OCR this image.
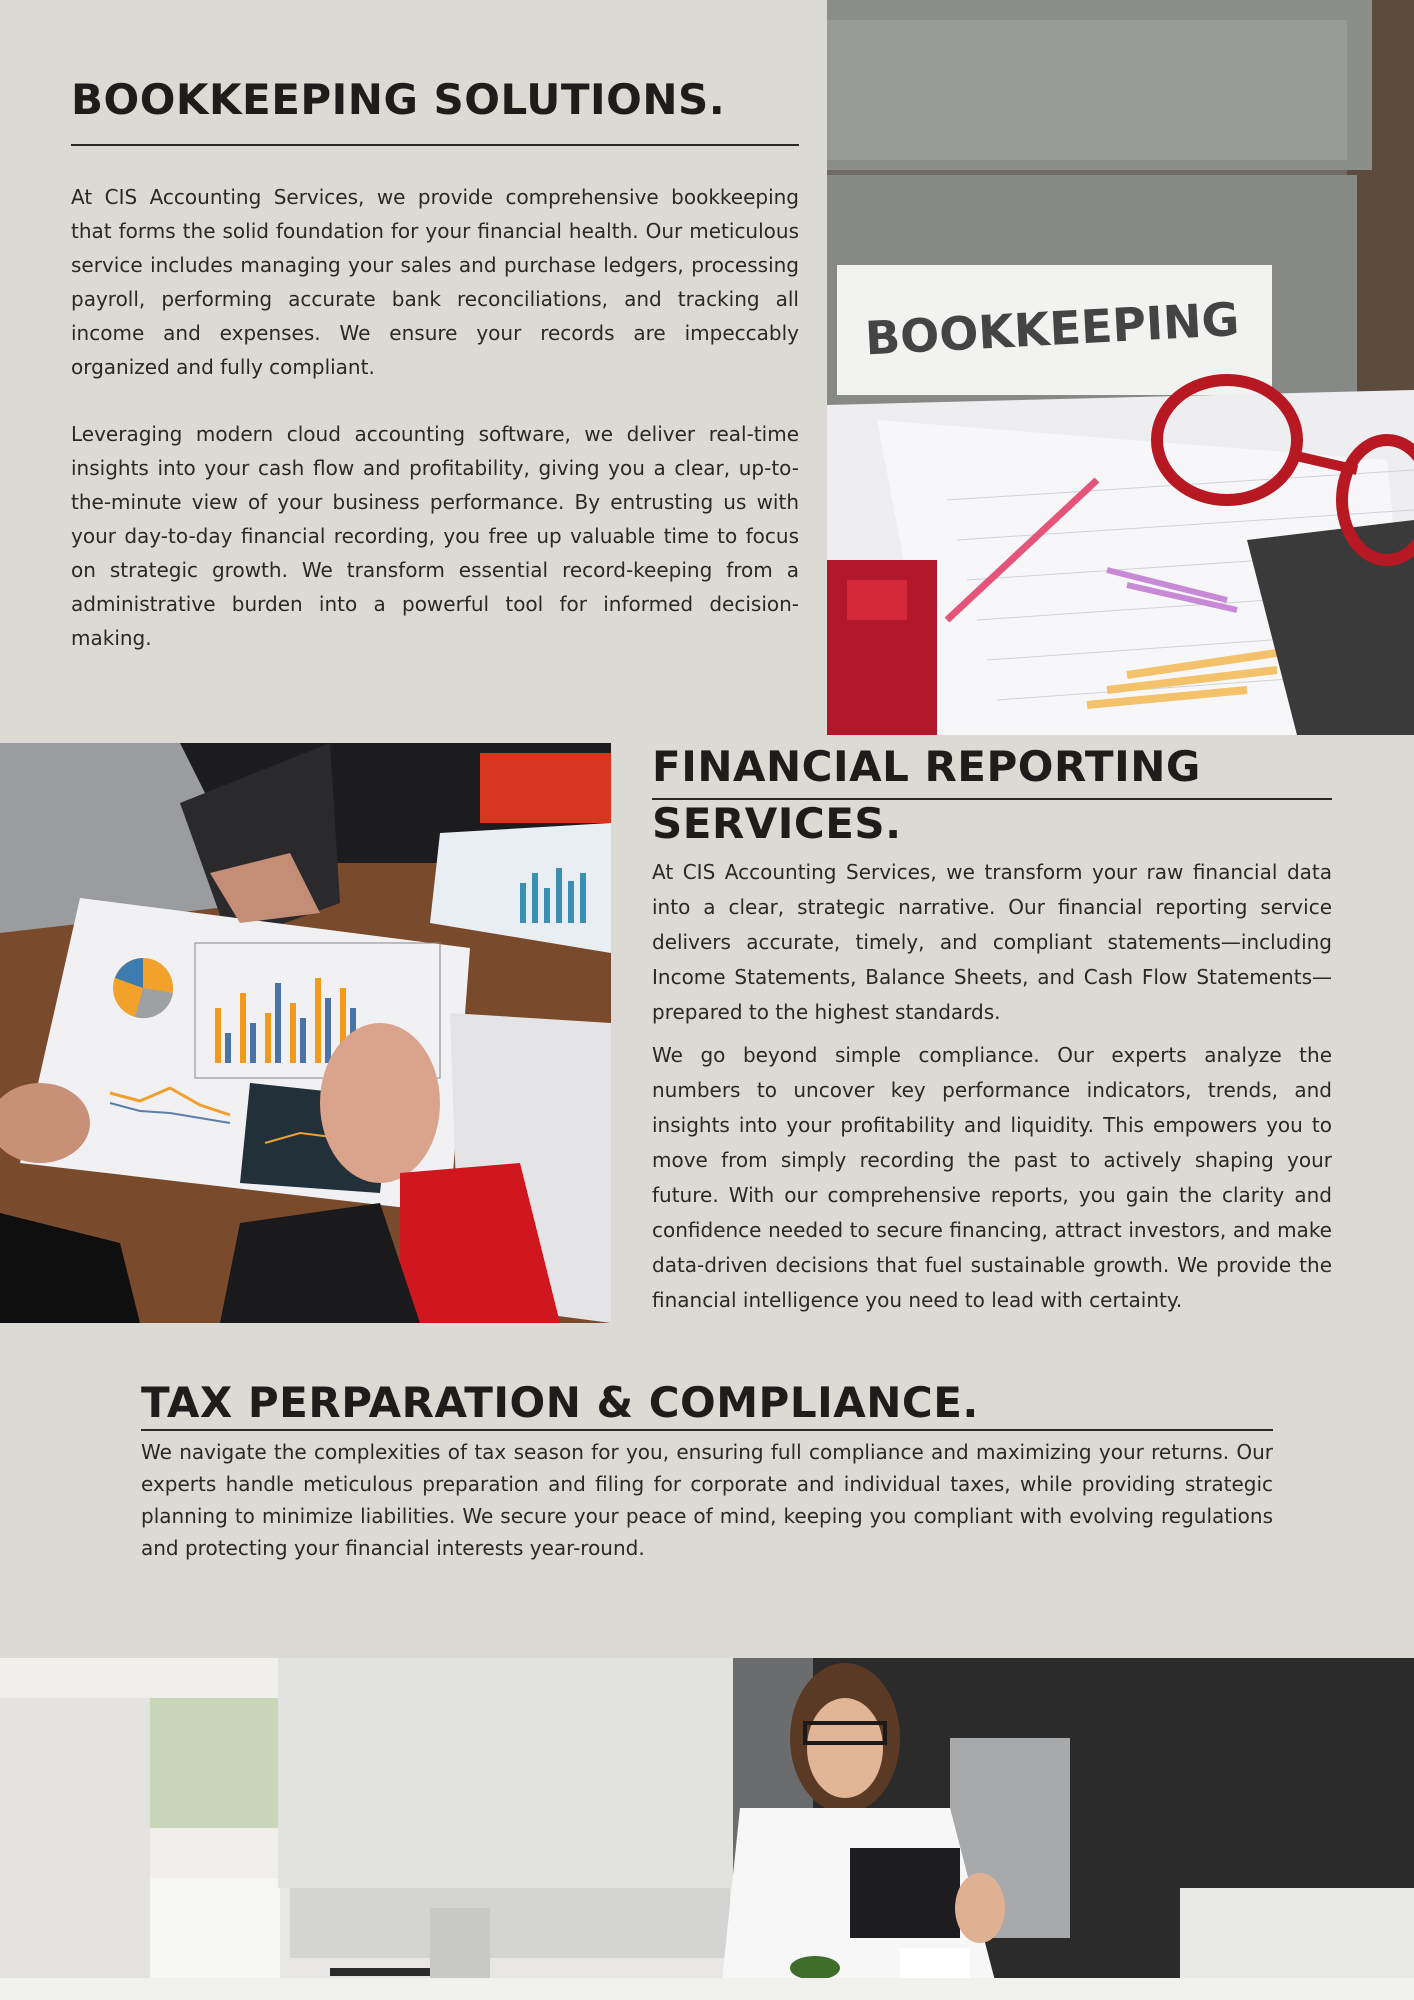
BOOKKEEPING SOLUTIONS.

At CIS Accounting Services, we provide comprehensive bookkeeping that forms the solid foundation for your financial health. Our meticulous service includes managing your sales and purchase ledgers, processing payroll, performing accurate bank reconciliations, and tracking all income and expenses. We ensure your records are impeccably organized and fully compliant.

Leveraging modern cloud accounting software, we deliver real-time insights into your cash flow and profitability, giving you a clear, up-to-the-minute view of your business performance. By entrusting us with your day-to-day financial recording, you free up valuable time to focus on strategic growth. We transform essential record-keeping from a administrative burden into a powerful tool for informed decision-making.

BOOKKEEPING
FINANCIAL REPORTING
SERVICES.

At CIS Accounting Services, we transform your raw financial data into a clear, strategic narrative. Our financial reporting service delivers accurate, timely, and compliant statements—including Income Statements, Balance Sheets, and Cash Flow Statements—prepared to the highest standards.

We go beyond simple compliance. Our experts analyze the numbers to uncover key performance indicators, trends, and insights into your profitability and liquidity. This empowers you to move from simply recording the past to actively shaping your future. With our comprehensive reports, you gain the clarity and confidence needed to secure financing, attract investors, and make data-driven decisions that fuel sustainable growth. We provide the financial intelligence you need to lead with certainty.

TAX PERPARATION & COMPLIANCE.

We navigate the complexities of tax season for you, ensuring full compliance and maximizing your returns. Our experts handle meticulous preparation and filing for corporate and individual taxes, while providing strategic planning to minimize liabilities. We secure your peace of mind, keeping you compliant with evolving regulations and protecting your financial interests year-round.
